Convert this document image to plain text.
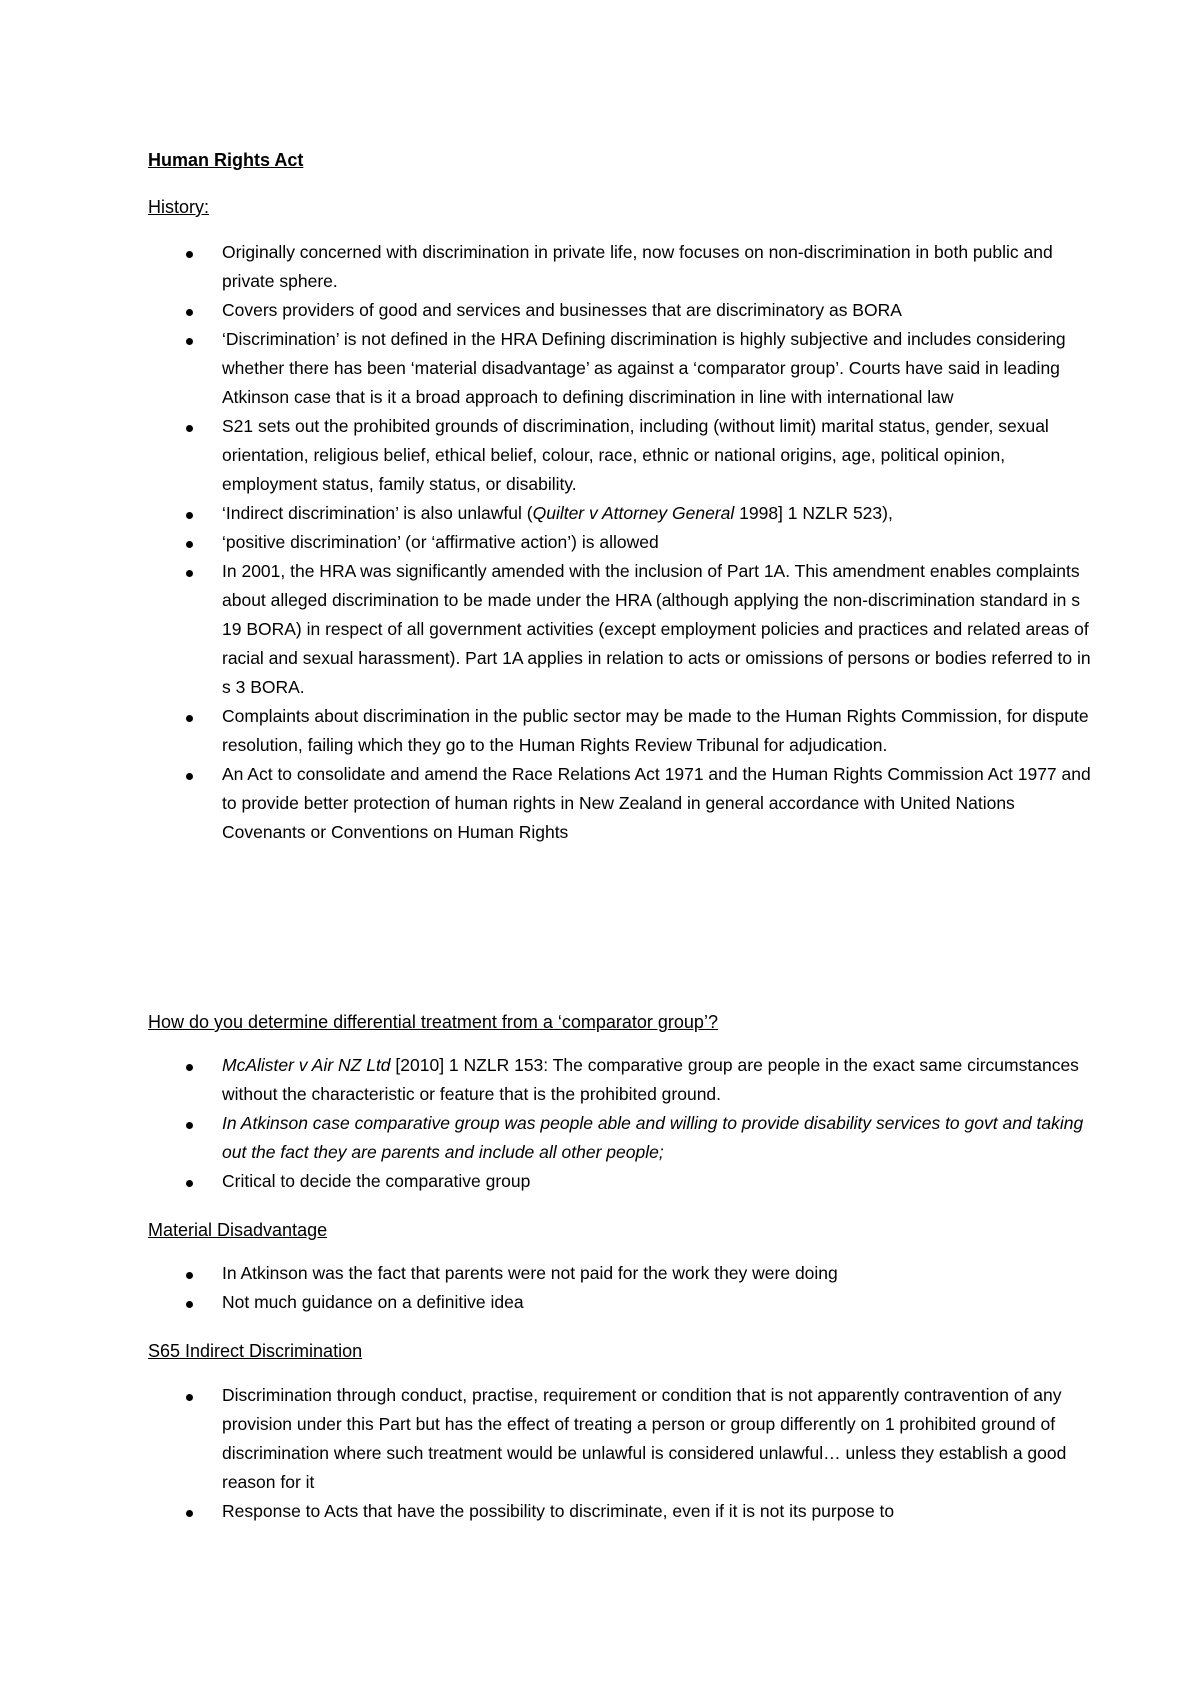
Human Rights Act
History:
Originally concerned with discrimination in private life, now focuses on non-discrimination in both public and private sphere.
Covers providers of good and services and businesses that are discriminatory as BORA
‘Discrimination’ is not defined in the HRA Defining discrimination is highly subjective and includes considering whether there has been ‘material disadvantage’ as against a ‘comparator group’. Courts have said in leading Atkinson case that is it a broad approach to defining discrimination in line with international law
S21 sets out the prohibited grounds of discrimination, including (without limit) marital status, gender, sexual orientation, religious belief, ethical belief, colour, race, ethnic or national origins, age, political opinion, employment status, family status, or disability.
‘Indirect discrimination’ is also unlawful (Quilter v Attorney General 1998] 1 NZLR 523),
‘positive discrimination’ (or ‘affirmative action’) is allowed
In 2001, the HRA was significantly amended with the inclusion of Part 1A. This amendment enables complaints about alleged discrimination to be made under the HRA (although applying the non-discrimination standard in s 19 BORA) in respect of all government activities (except employment policies and practices and related areas of racial and sexual harassment). Part 1A applies in relation to acts or omissions of persons or bodies referred to in s 3 BORA.
Complaints about discrimination in the public sector may be made to the Human Rights Commission, for dispute resolution, failing which they go to the Human Rights Review Tribunal for adjudication.
An Act to consolidate and amend the Race Relations Act 1971 and the Human Rights Commission Act 1977 and to provide better protection of human rights in New Zealand in general accordance with United Nations Covenants or Conventions on Human Rights
How do you determine differential treatment from a ‘comparator group’?
McAlister v Air NZ Ltd [2010] 1 NZLR 153: The comparative group are people in the exact same circumstances without the characteristic or feature that is the prohibited ground.
In Atkinson case comparative group was people able and willing to provide disability services to govt and taking out the fact they are parents and include all other people;
Critical to decide the comparative group
Material Disadvantage
In Atkinson was the fact that parents were not paid for the work they were doing
Not much guidance on a definitive idea
S65 Indirect Discrimination
Discrimination through conduct, practise, requirement or condition that is not apparently contravention of any provision under this Part but has the effect of treating a person or group differently on 1 prohibited ground of discrimination where such treatment would be unlawful is considered unlawful… unless they establish a good reason for it
Response to Acts that have the possibility to discriminate, even if it is not its purpose to
